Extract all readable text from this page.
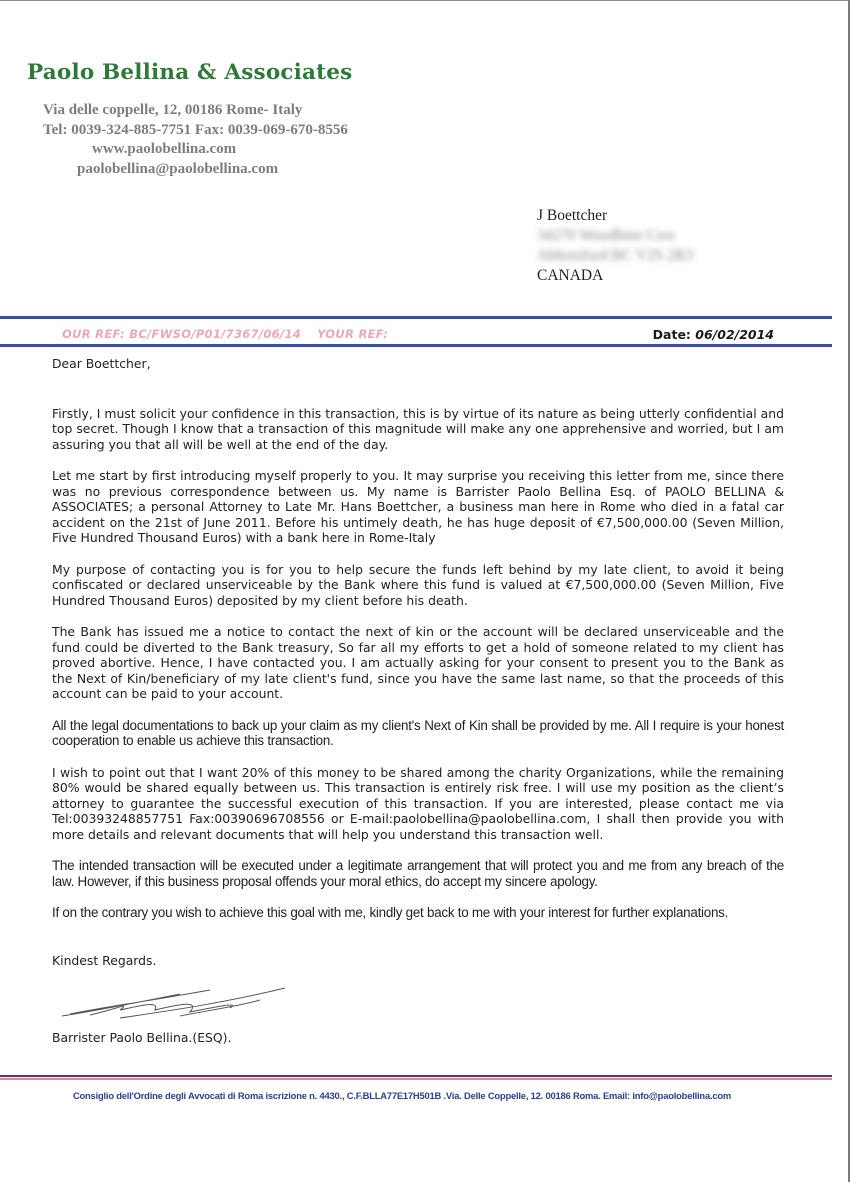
Paolo Bellina & Associates
Via delle coppelle, 12, 00186 Rome- Italy
Tel: 0039-324-885-7751 Fax: 0039-069-670-8556
www.paolobellina.com
paolobellina@paolobellina.com
J Boettcher
34270 Woodbine Cres
Abbotsford BC V2S 2R3
CANADA
OUR REF: BC/FWSO/P01/7367/06/14 YOUR REF:	Date: 06/02/2014

Dear Boettcher,

Firstly, I must solicit your confidence in this transaction, this is by virtue of its nature as being utterly confidential and top secret. Though I know that a transaction of this magnitude will make any one apprehensive and worried, but I am assuring you that all will be well at the end of the day.

Let me start by first introducing myself properly to you. It may surprise you receiving this letter from me, since there was no previous correspondence between us. My name is Barrister Paolo Bellina Esq. of PAOLO BELLINA & ASSOCIATES; a personal Attorney to Late Mr. Hans Boettcher, a business man here in Rome who died in a fatal car accident on the 21st of June 2011. Before his untimely death, he has huge deposit of €7,500,000.00 (Seven Million, Five Hundred Thousand Euros) with a bank here in Rome-Italy

My purpose of contacting you is for you to help secure the funds left behind by my late client, to avoid it being confiscated or declared unserviceable by the Bank where this fund is valued at €7,500,000.00 (Seven Million, Five Hundred Thousand Euros) deposited by my client before his death.

The Bank has issued me a notice to contact the next of kin or the account will be declared unserviceable and the fund could be diverted to the Bank treasury, So far all my efforts to get a hold of someone related to my client has proved abortive. Hence, I have contacted you. I am actually asking for your consent to present you to the Bank as the Next of Kin/beneficiary of my late client's fund, since you have the same last name, so that the proceeds of this account can be paid to your account.

All the legal documentations to back up your claim as my client's Next of Kin shall be provided by me. All I require is your honest cooperation to enable us achieve this transaction.

I wish to point out that I want 20% of this money to be shared among the charity Organizations, while the remaining 80% would be shared equally between us. This transaction is entirely risk free. I will use my position as the client’s attorney to guarantee the successful execution of this transaction. If you are interested, please contact me via Tel:00393248857751 Fax:00390696708556 or E-mail:paolobellina@paolobellina.com, I shall then provide you with more details and relevant documents that will help you understand this transaction well.

The intended transaction will be executed under a legitimate arrangement that will protect you and me from any breach of the law. However, if this business proposal offends your moral ethics, do accept my sincere apology.

If on the contrary you wish to achieve this goal with me, kindly get back to me with your interest for further explanations.

Kindest Regards.
Barrister Paolo Bellina.(ESQ).
Consiglio dell'Ordine degli Avvocati di Roma iscrizione n. 4430., C.F.BLLA77E17H501B .Via. Delle Coppelle, 12. 00186 Roma. Email: info@paolobellina.com
